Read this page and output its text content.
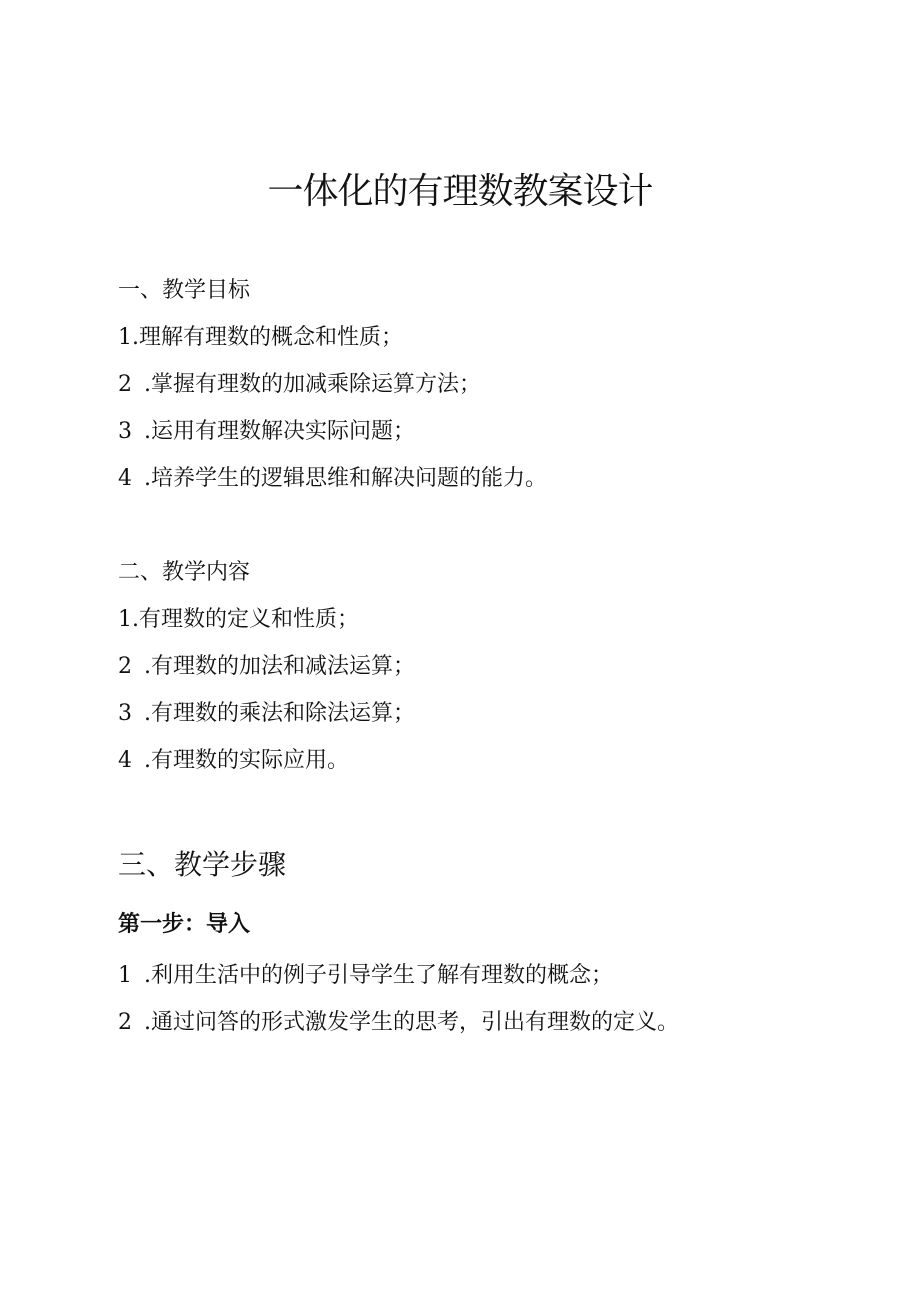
一体化的有理数教案设计

一、教学目标

1.理解有理数的概念和性质；

2 .掌握有理数的加减乘除运算方法；

3 .运用有理数解决实际问题；

4 .培养学生的逻辑思维和解决问题的能力。

二、教学内容

1.有理数的定义和性质；

2 .有理数的加法和减法运算；

3 .有理数的乘法和除法运算；

4 .有理数的实际应用。

三、教学步骤
第一步：导入

1 .利用生活中的例子引导学生了解有理数的概念；

2 .通过问答的形式激发学生的思考，引出有理数的定义。
